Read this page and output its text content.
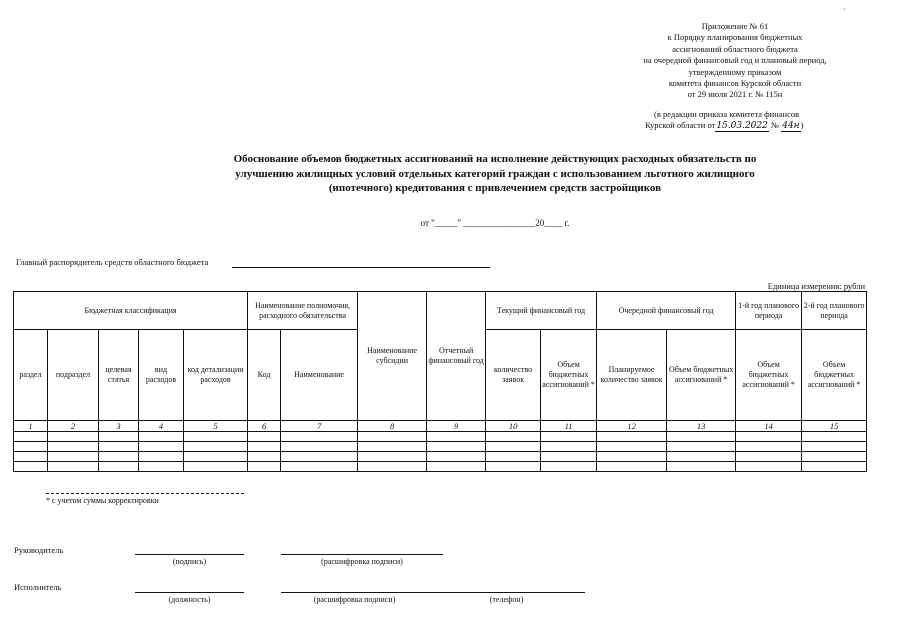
·
Приложение № 61
к Порядку планирования бюджетных
ассигнований областного бюджета
на очередной финансовый год и плановый период,
утвержденному приказом
комитета финансов Курской области
от 29 июля 2021 г. № 115н
(в редакции приказа комитета финансов
Курской области от15.03.2022 № 44н)
Обоснование объемов бюджетных ассигнований на исполнение действующих расходных обязательств по
улучшению жилищных условий отдельных категорий граждан с использованием льготного жилищного
(ипотечного) кредитования с привлечением средств застройщиков
от "_____" ________________20____ г.
Главный распорядитель средств областного бюджета
Единица измерения: рубли
Бюджетная классификация					Наименование полномочия, расходного обязательства		Наименование субсидии	Отчетный финансовый год	Текущий финансовый год		Очередной финансовый год		1-й год планового периода	2-й год планового периода
раздел	подраздел	целевая статья	вид расходов	код детализации расходов	Код	Наименование			количество заявок	Объем бюджетных ассигнований *	Планируемое количество заявок	Объем бюджетных ассигнований *	Объем бюджетных ассигнований *	Объем бюджетных ассигнований *
1	2	3	4	5	6	7	8	9	10	11	12	13	14	15

* с учетом суммы корректировки
Руководитель
(подпись)	(расшифровка подписи)
Исполнитель
(должность)	(расшифровка подписи)	(телефон)
